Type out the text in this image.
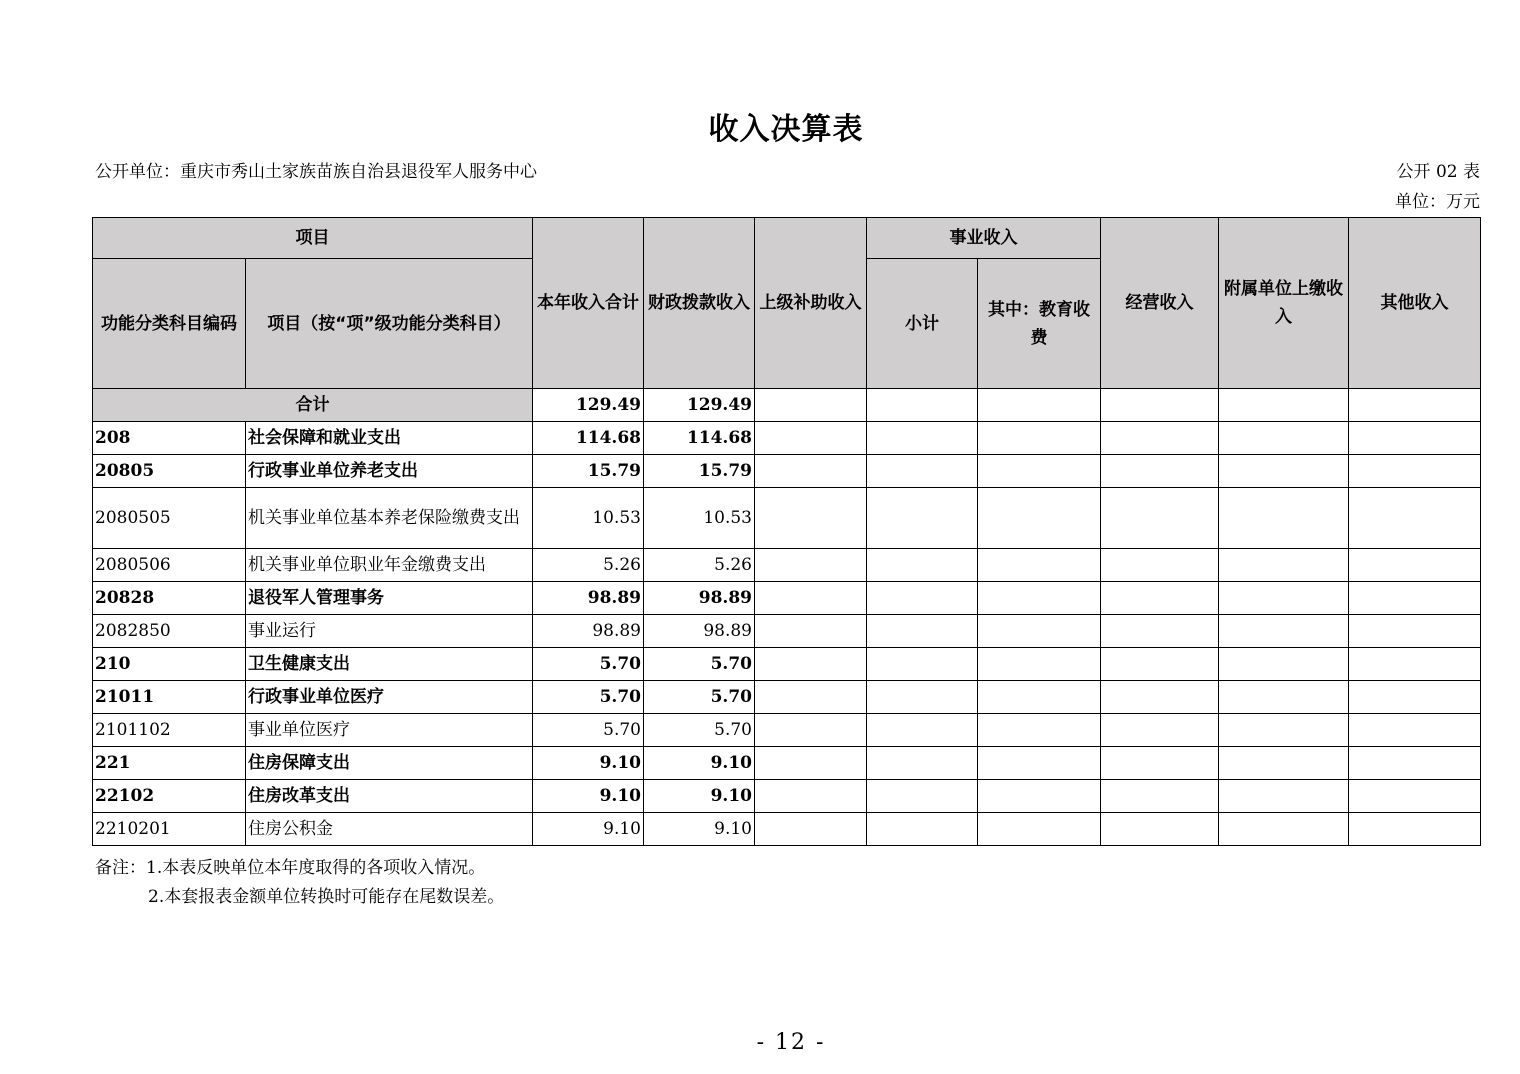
收入决算表
公开单位：重庆市秀山土家族苗族自治县退役军人服务中心	公开 02 表
单位：万元
项目		本年收入合计	财政拨款收入	上级补助收入	事业收入		经营收入	附属单位上缴收入	其他收入
功能分类科目编码	项目（按“项”级功能分类科目）				小计	其中：教育收费			
合计		129.49	129.49						
208	社会保障和就业支出	114.68	114.68						
20805	行政事业单位养老支出	15.79	15.79						
2080505	机关事业单位基本养老保险缴费支出	10.53	10.53						
2080506	机关事业单位职业年金缴费支出	5.26	5.26						
20828	退役军人管理事务	98.89	98.89						
2082850	事业运行	98.89	98.89						
210	卫生健康支出	5.70	5.70						
21011	行政事业单位医疗	5.70	5.70						
2101102	事业单位医疗	5.70	5.70						
221	住房保障支出	9.10	9.10						
22102	住房改革支出	9.10	9.10						
2210201	住房公积金	9.10	9.10						
备注：1.本表反映单位本年度取得的各项收入情况。
2.本套报表金额单位转换时可能存在尾数误差。
- 12 -
